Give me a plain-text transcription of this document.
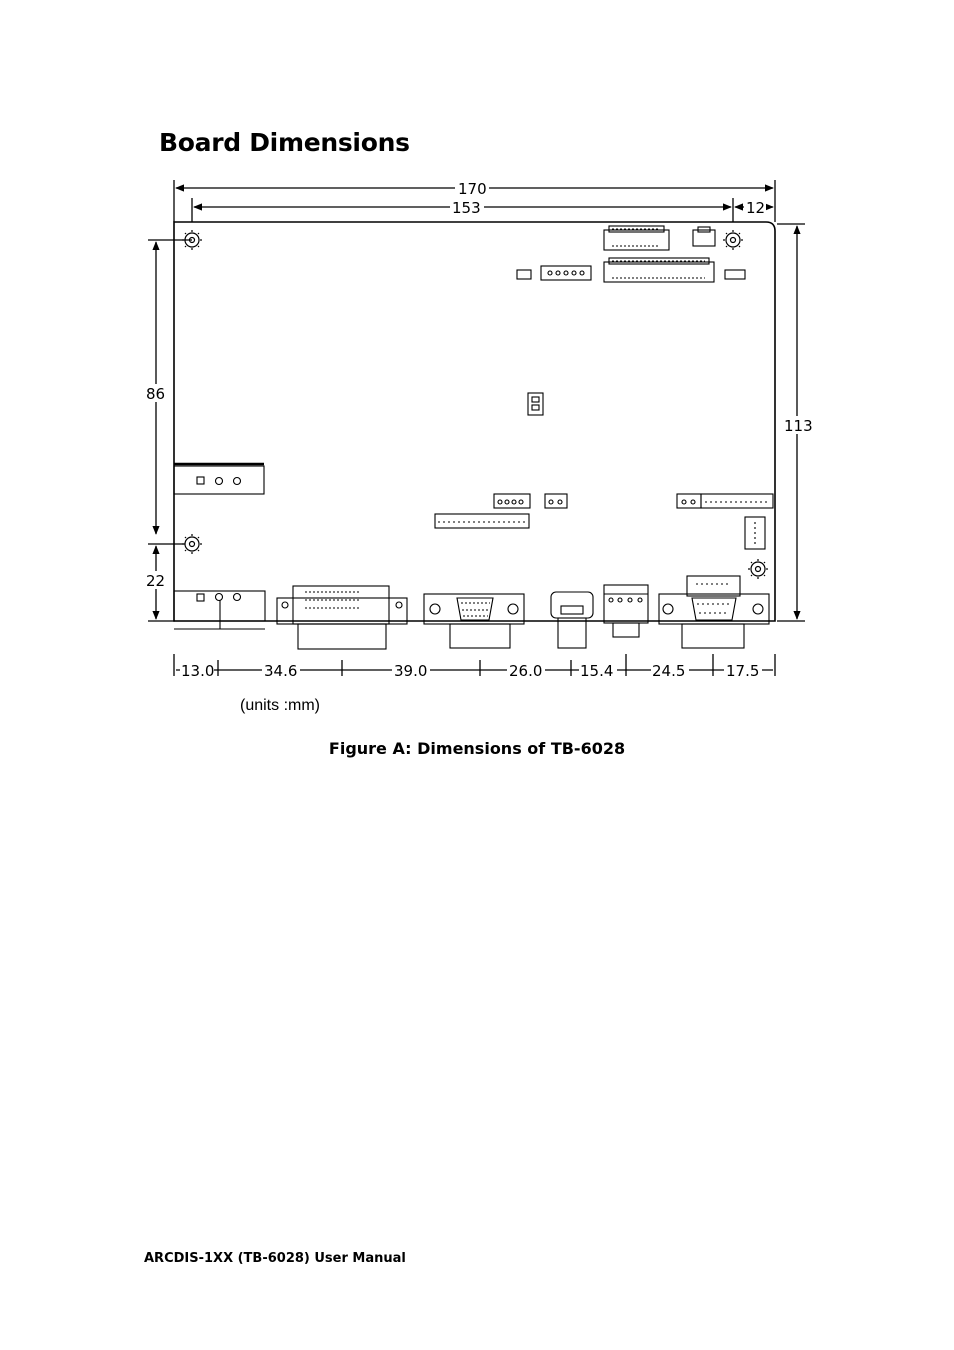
Board Dimensions
170
153	12
86
22
113
13.0	34.6	39.0	26.0	15.4	24.5	17.5
(units :mm)
Figure A: Dimensions of TB-6028
ARCDIS-1XX (TB-6028) User Manual
